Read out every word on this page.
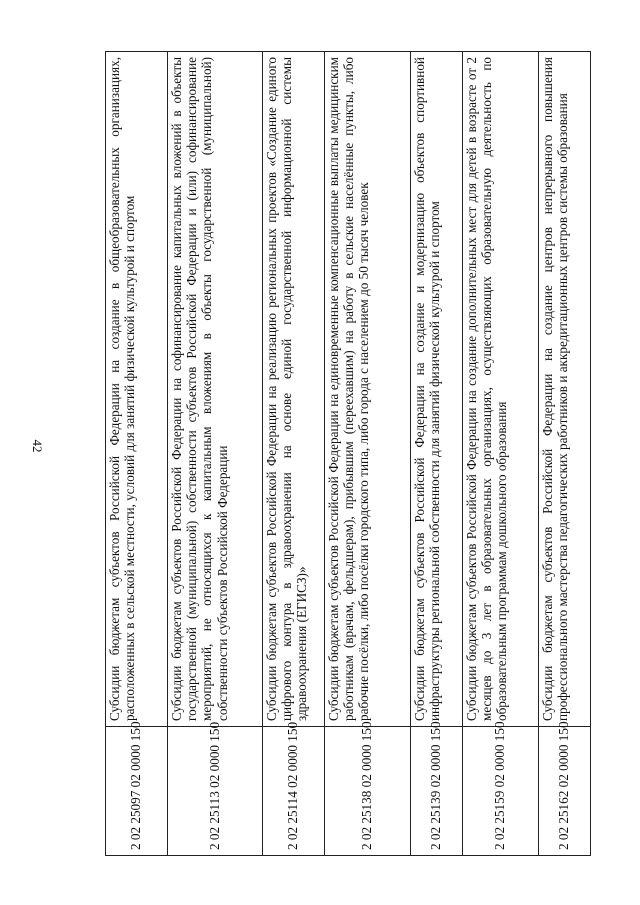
42
2 02 25097 02 0000 150	Субсидии бюджетам субъектов Российской Федерации на создание в общеобразовательных организациях, расположенных в сельской местности, условий для занятий физической культурой и спортом
2 02 25113 02 0000 150	Субсидии бюджетам субъектов Российской Федерации на софинансирование капитальных вложений в объекты государственной (муниципальной) собственности субъектов Российской Федерации и (или) софинансирование мероприятий, не относящихся к капитальным вложениям в объекты государственной (муниципальной) собственности субъектов Российской Федерации
2 02 25114 02 0000 150	Субсидии бюджетам субъектов Российской Федерации на реализацию региональных проектов «Создание единого цифрового контура в здравоохранении на основе единой государственной информационной системы здравоохранения (ЕГИСЗ)»
2 02 25138 02 0000 150	Субсидии бюджетам субъектов Российской Федерации на единовременные компенсационные выплаты медицинским работникам (врачам, фельдшерам), прибывшим (переехавшим) на работу в сельские населённые пункты, либо рабочие посёлки, либо посёлки городского типа, либо города с населением до 50 тысяч человек
2 02 25139 02 0000 150	Субсидии бюджетам субъектов Российской Федерации на создание и модернизацию объектов спортивной инфраструктуры региональной собственности для занятий физической культурой и спортом
2 02 25159 02 0000 150	Субсидии бюджетам субъектов Российской Федерации на создание дополнительных мест для детей в возрасте от 2 месяцев до 3 лет в образовательных организациях, осуществляющих образовательную деятельность по образовательным программам дошкольного образования
2 02 25162 02 0000 150	Субсидии бюджетам субъектов Российской Федерации на создание центров непрерывного повышения профессионального мастерства педагогических работников и аккредитационных центров системы образования
